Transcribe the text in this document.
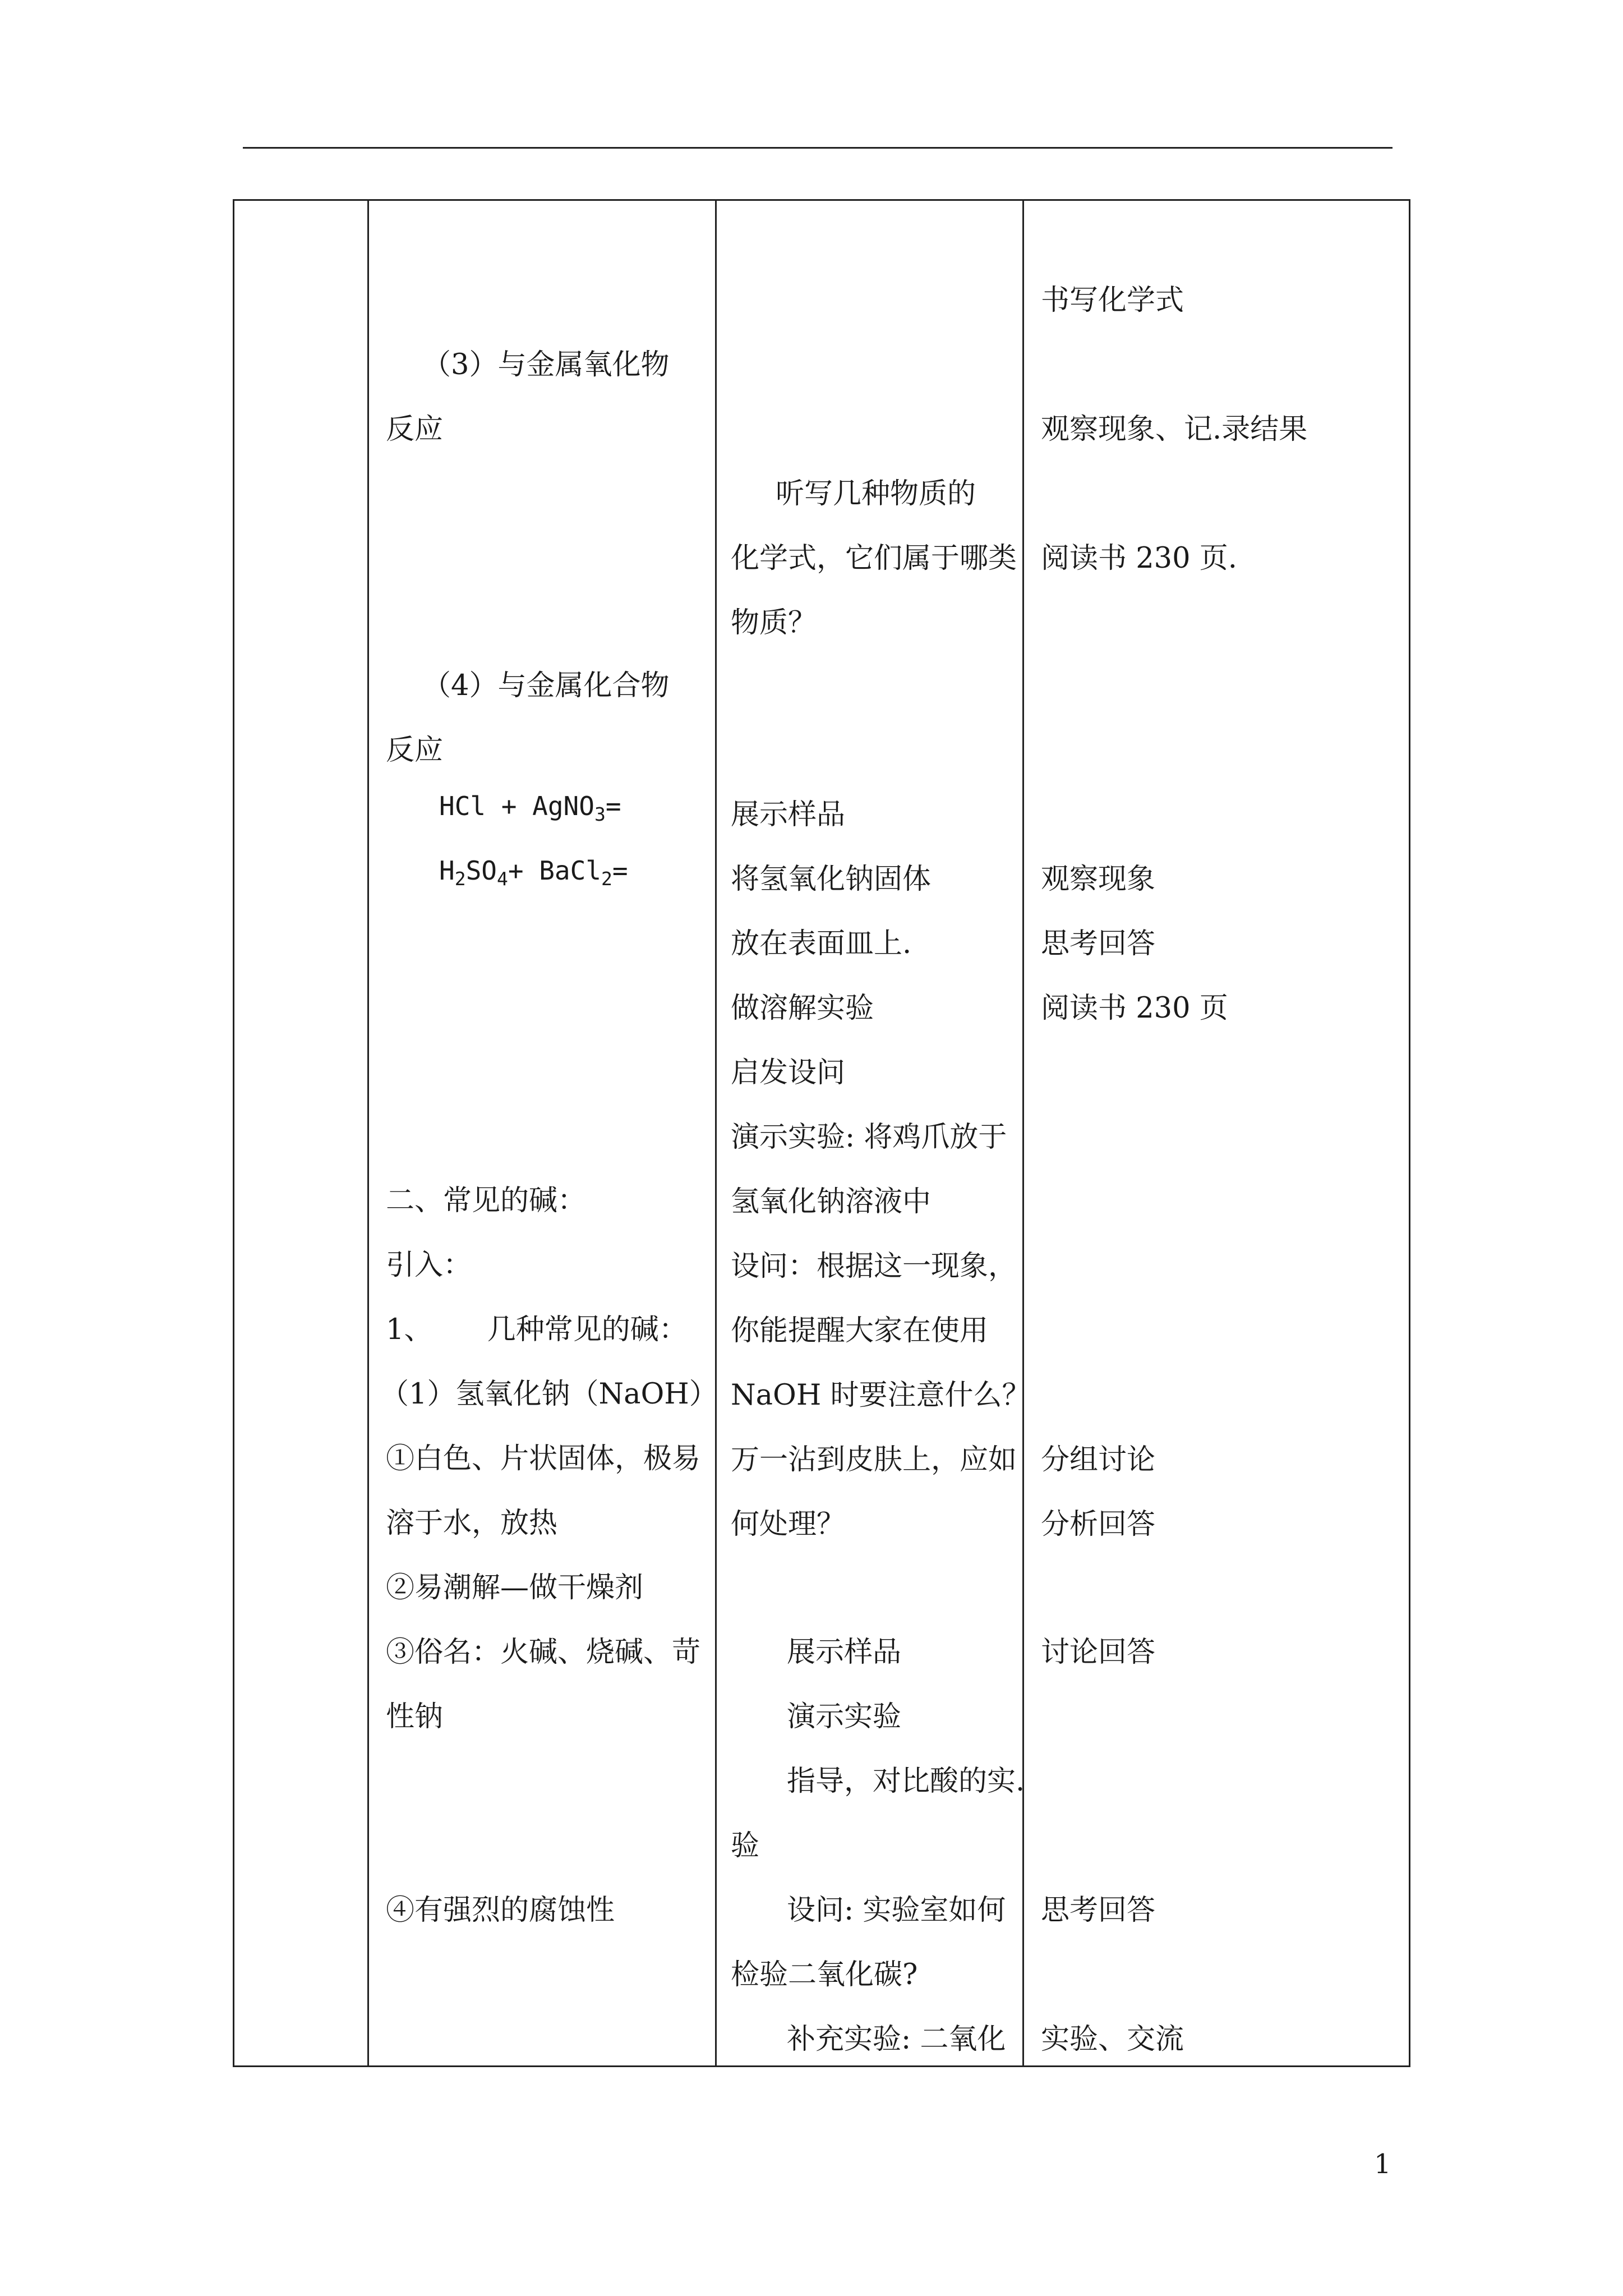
（3）与金属氧化物
反应
（4）与金属化合物
反应
HCl + AgNO$_3$=
$H_2SO_4+$ BaCl$_2$=
二、常见的碱：
引入：
1、      几种常见的碱：
（1）氢氧化钠（NaOH）
①白色、片状固体，极易
溶于水，放热
②易潮解—做干燥剂
③俗名：火碱、烧碱、苛
性钠
④有强烈的腐蚀性
听写几种物质的
化学式，它们属于哪类
物质？
展示样品
将氢氧化钠固体
放在表面皿上.
做溶解实验
启发设问
演示实验: 将鸡爪放于
氢氧化钠溶液中
设问：根据这一现象，
你能提醒大家在使用
NaOH 时要注意什么？
万一沾到皮肤上，应如
何处理？
展示样品
演示实验
指导，对比酸的实.
验
设问: 实验室如何
检验二氧化碳?
补充实验: 二氧化
书写化学式
观察现象、记.录结果
阅读书 230 页.
观察现象
思考回答
阅读书 230 页
分组讨论
分析回答
讨论回答
思考回答
实验、交流
1
